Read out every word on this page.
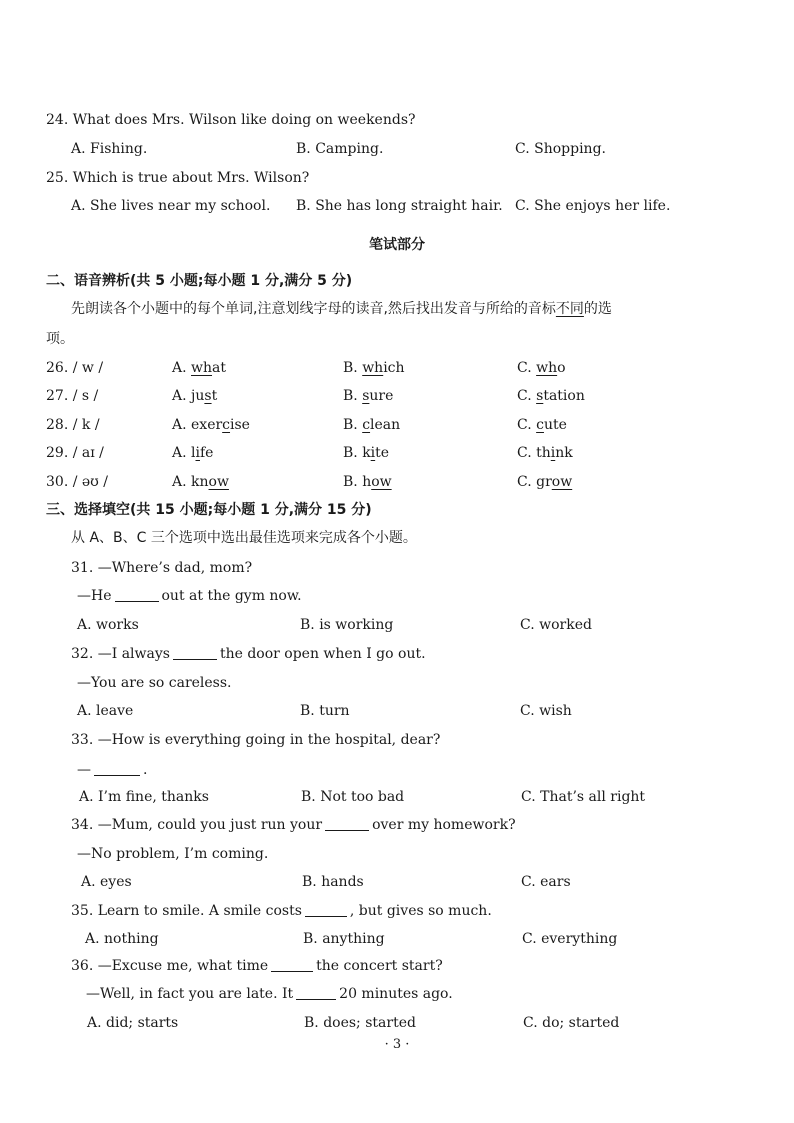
24. What does Mrs. Wilson like doing on weekends?
A. Fishing.	B. Camping.	C. Shopping.
25. Which is true about Mrs. Wilson?
A. She lives near my school. B. She has long straight hair. C. She enjoys her life.
笔试部分
二、语音辨析(共 5 小题;每小题 1 分,满分 5 分)
先朗读各个小题中的每个单词,注意划线字母的读音,然后找出发音与所给的音标不同的选
项。
26. / w /	A. what	B. which	C. who
27. / s /	A. just	B. sure	C. station
28. / k /	A. exercise	B. clean	C. cute
29. / aɪ /	A. life	B. kite	C. think
30. / əʊ /	A. know	B. how	C. grow
三、选择填空(共 15 小题;每小题 1 分,满分 15 分)
从 A、B、C 三个选项中选出最佳选项来完成各个小题。
31. —Where’s dad, mom?
—He	out at the gym now.
A. works	B. is working	C. worked
32. —I always	the door open when I go out.
—You are so careless.
A. leave	B. turn	C. wish
33. —How is everything going in the hospital, dear?
—	.
A. I’m fine, thanks	B. Not too bad	C. That’s all right
34. —Mum, could you just run your	over my homework?
—No problem, I’m coming.
A. eyes	B. hands	C. ears
35. Learn to smile. A smile costs	, but gives so much.
A. nothing	B. anything	C. everything
36. —Excuse me, what time	the concert start?
—Well, in fact you are late. It	20 minutes ago.
A. did; starts	B. does; started	C. do; started
· 3 ·
